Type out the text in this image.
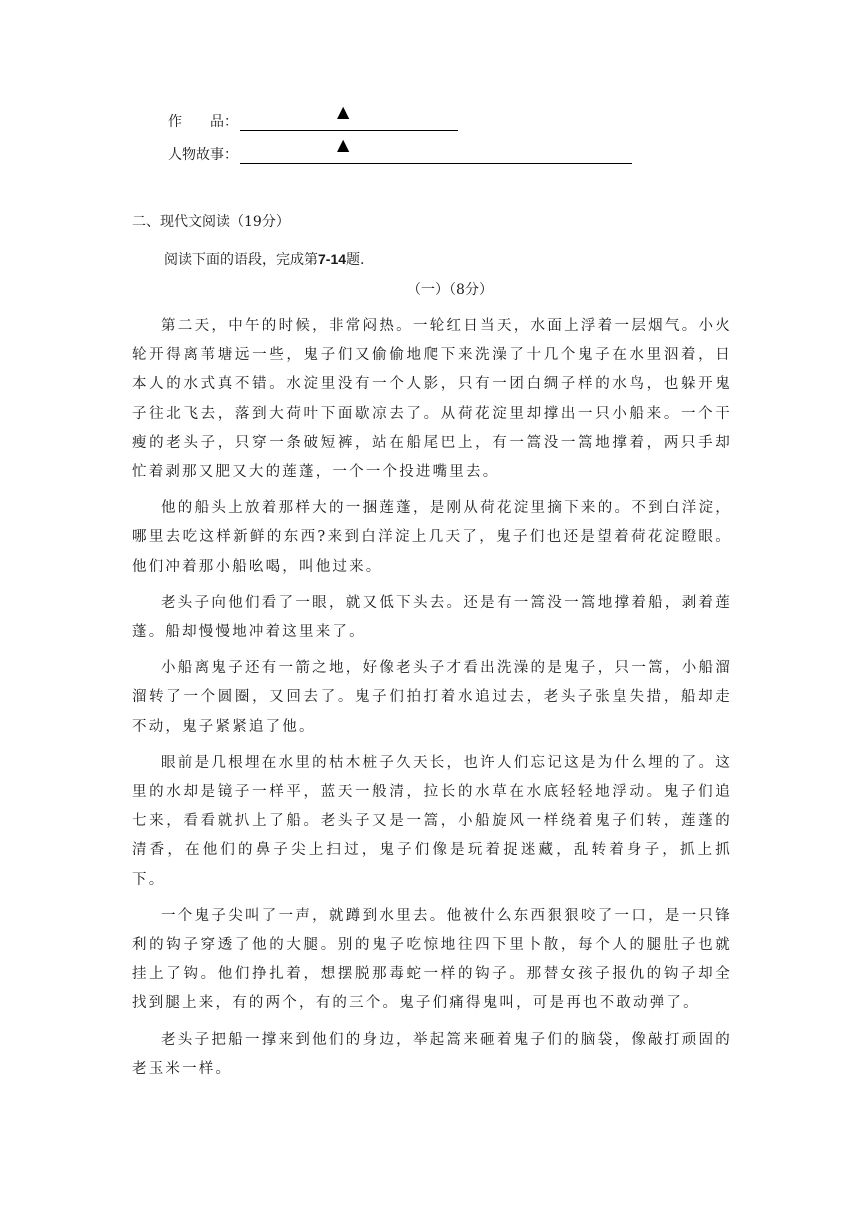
作　　品：
▲
人物故事：
▲
二、现代文阅读（19分）
阅读下面的语段，完成第7-14题.
（一）（8分）

第二天，中午的时候，非常闷热。一轮红日当天，水面上浮着一层烟气。小火轮开得离苇塘远一些，鬼子们又偷偷地爬下来洗澡了十几个鬼子在水里泅着，日本人的水式真不错。水淀里没有一个人影，只有一团白绸子样的水鸟，也躲开鬼子往北飞去，落到大荷叶下面歇凉去了。从荷花淀里却撑出一只小船来。一个干瘦的老头子，只穿一条破短裤，站在船尾巴上，有一篙没一篙地撑着，两只手却忙着剥那又肥又大的莲蓬，一个一个投进嘴里去。

他的船头上放着那样大的一捆莲蓬，是刚从荷花淀里摘下来的。不到白洋淀，哪里去吃这样新鲜的东西?来到白洋淀上几天了，鬼子们也还是望着荷花淀瞪眼。他们冲着那小船吆喝，叫他过来。

老头子向他们看了一眼，就又低下头去。还是有一篙没一篙地撑着船，剥着莲蓬。船却慢慢地冲着这里来了。

小船离鬼子还有一箭之地，好像老头子才看出洗澡的是鬼子，只一篙，小船溜溜转了一个圆圈，又回去了。鬼子们拍打着水追过去，老头子张皇失措，船却走不动，鬼子紧紧追了他。

眼前是几根埋在水里的枯木桩子久天长，也许人们忘记这是为什么埋的了。这里的水却是镜子一样平，蓝天一般清，拉长的水草在水底轻轻地浮动。鬼子们追七来，看看就扒上了船。老头子又是一篙，小船旋风一样绕着鬼子们转，莲蓬的清香，在他们的鼻子尖上扫过，鬼子们像是玩着捉迷藏，乱转着身子，抓上抓下。

一个鬼子尖叫了一声，就蹲到水里去。他被什么东西狠狠咬了一口，是一只锋利的钩子穿透了他的大腿。别的鬼子吃惊地往四下里卜散，每个人的腿肚子也就挂上了钩。他们挣扎着，想摆脱那毒蛇一样的钩子。那替女孩子报仇的钩子却全找到腿上来，有的两个，有的三个。鬼子们痛得鬼叫，可是再也不敢动弹了。

老头子把船一撑来到他们的身边，举起篙来砸着鬼子们的脑袋，像敲打顽固的老玉米一样。
